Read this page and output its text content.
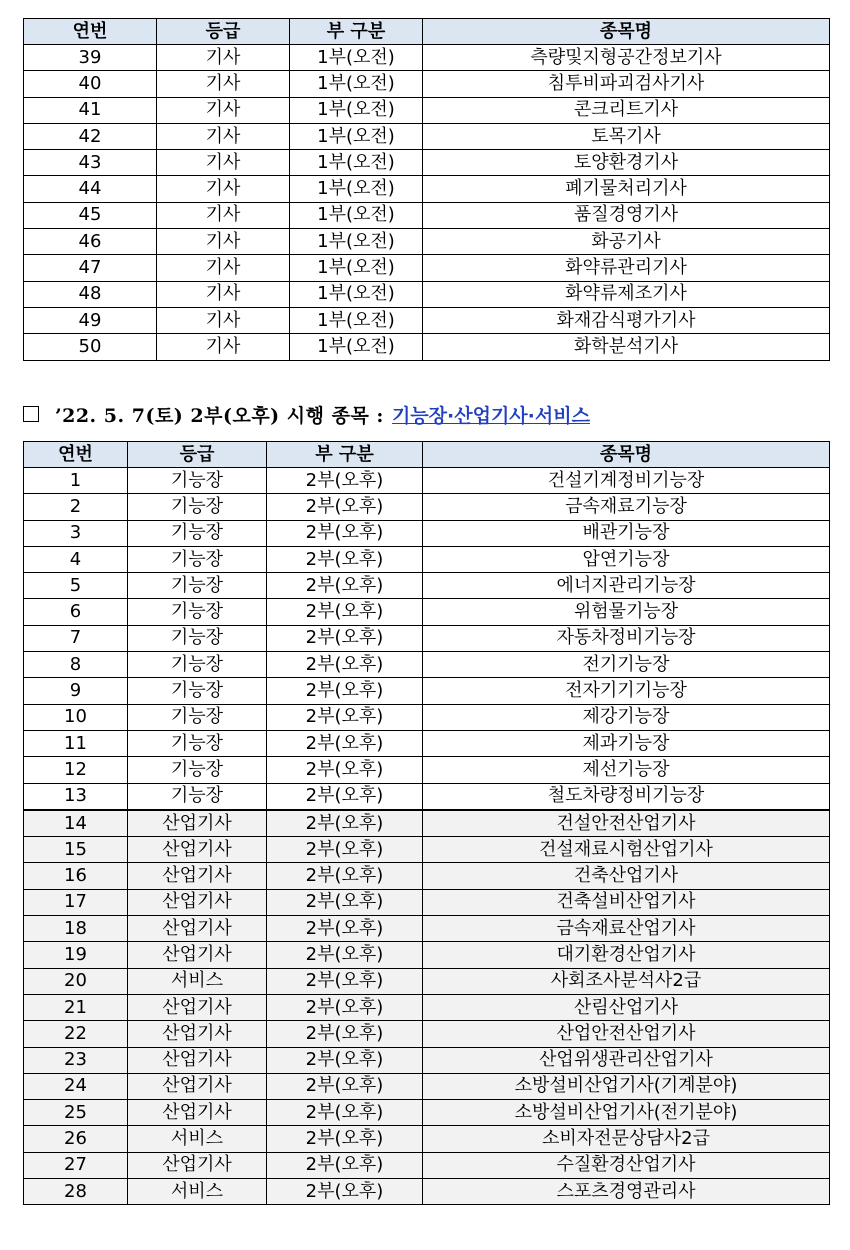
연번	등급	부 구분	종목명
39	기사	1부(오전)	측량및지형공간정보기사
40	기사	1부(오전)	침투비파괴검사기사
41	기사	1부(오전)	콘크리트기사
42	기사	1부(오전)	토목기사
43	기사	1부(오전)	토양환경기사
44	기사	1부(오전)	폐기물처리기사
45	기사	1부(오전)	품질경영기사
46	기사	1부(오전)	화공기사
47	기사	1부(오전)	화약류관리기사
48	기사	1부(오전)	화약류제조기사
49	기사	1부(오전)	화재감식평가기사
50	기사	1부(오전)	화학분석기사
’22. 5. 7(토) 2부(오후) 시행 종목 : 기능장·산업기사·서비스
연번	등급	부 구분	종목명
1	기능장	2부(오후)	건설기계정비기능장
2	기능장	2부(오후)	금속재료기능장
3	기능장	2부(오후)	배관기능장
4	기능장	2부(오후)	압연기능장
5	기능장	2부(오후)	에너지관리기능장
6	기능장	2부(오후)	위험물기능장
7	기능장	2부(오후)	자동차정비기능장
8	기능장	2부(오후)	전기기능장
9	기능장	2부(오후)	전자기기기능장
10	기능장	2부(오후)	제강기능장
11	기능장	2부(오후)	제과기능장
12	기능장	2부(오후)	제선기능장
13	기능장	2부(오후)	철도차량정비기능장
14	산업기사	2부(오후)	건설안전산업기사
15	산업기사	2부(오후)	건설재료시험산업기사
16	산업기사	2부(오후)	건축산업기사
17	산업기사	2부(오후)	건축설비산업기사
18	산업기사	2부(오후)	금속재료산업기사
19	산업기사	2부(오후)	대기환경산업기사
20	서비스	2부(오후)	사회조사분석사2급
21	산업기사	2부(오후)	산림산업기사
22	산업기사	2부(오후)	산업안전산업기사
23	산업기사	2부(오후)	산업위생관리산업기사
24	산업기사	2부(오후)	소방설비산업기사(기계분야)
25	산업기사	2부(오후)	소방설비산업기사(전기분야)
26	서비스	2부(오후)	소비자전문상담사2급
27	산업기사	2부(오후)	수질환경산업기사
28	서비스	2부(오후)	스포츠경영관리사
